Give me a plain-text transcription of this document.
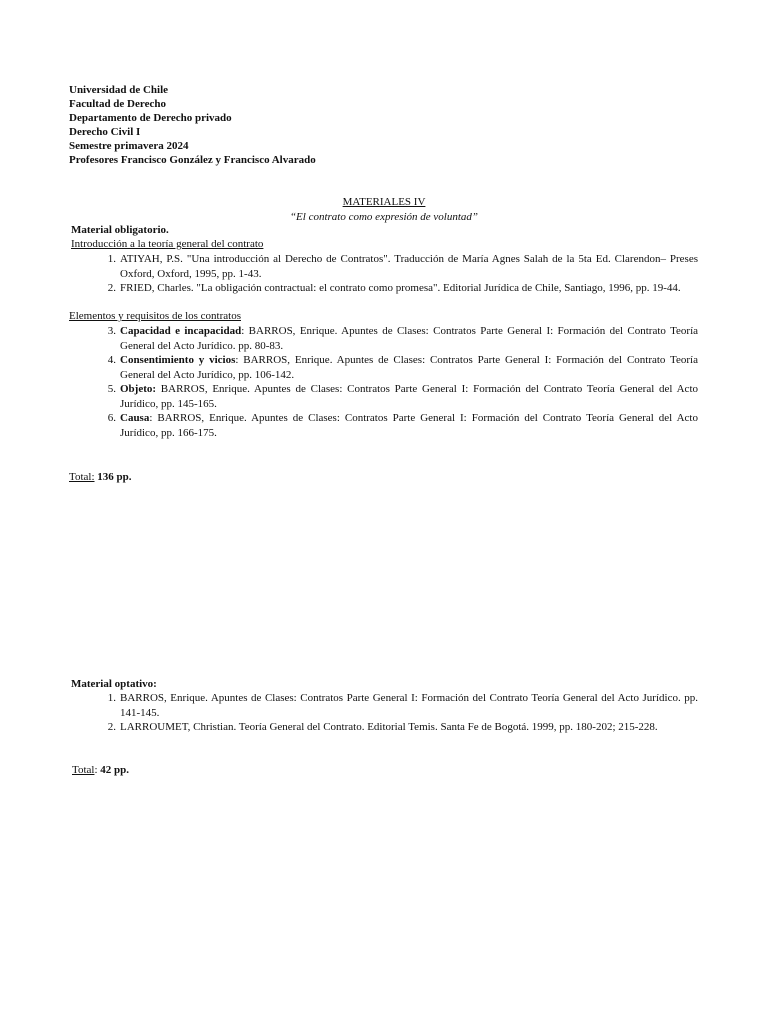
Universidad de Chile
Facultad de Derecho
Departamento de Derecho privado
Derecho Civil I
Semestre primavera 2024
Profesores Francisco González y Francisco Alvarado
MATERIALES IV
“El contrato como expresión de voluntad”
Material obligatorio.
Introducción a la teoría general del contrato
1. ATIYAH, P.S. "Una introducción al Derecho de Contratos". Traducción de María Agnes Salah de la 5ta Ed. Clarendon– Preses Oxford, Oxford, 1995, pp. 1-43.
2. FRIED, Charles. "La obligación contractual: el contrato como promesa". Editorial Jurídica de Chile, Santiago, 1996, pp. 19-44.
Elementos y requisitos de los contratos
3. Capacidad e incapacidad: BARROS, Enrique. Apuntes de Clases: Contratos Parte General I: Formación del Contrato Teoría General del Acto Jurídico. pp. 80-83.
4. Consentimiento y vicios: BARROS, Enrique. Apuntes de Clases: Contratos Parte General I: Formación del Contrato Teoría General del Acto Jurídico, pp. 106-142.
5. Objeto: BARROS, Enrique. Apuntes de Clases: Contratos Parte General I: Formación del Contrato Teoría General del Acto Jurídico, pp. 145-165.
6. Causa: BARROS, Enrique. Apuntes de Clases: Contratos Parte General I: Formación del Contrato Teoría General del Acto Jurídico, pp. 166-175.
Total: 136 pp.
Material optativo:
1. BARROS, Enrique. Apuntes de Clases: Contratos Parte General I: Formación del Contrato Teoría General del Acto Jurídico. pp. 141-145.
2. LARROUMET, Christian. Teoría General del Contrato. Editorial Temis. Santa Fe de Bogotá. 1999, pp. 180-202; 215-228.
Total: 42 pp.
